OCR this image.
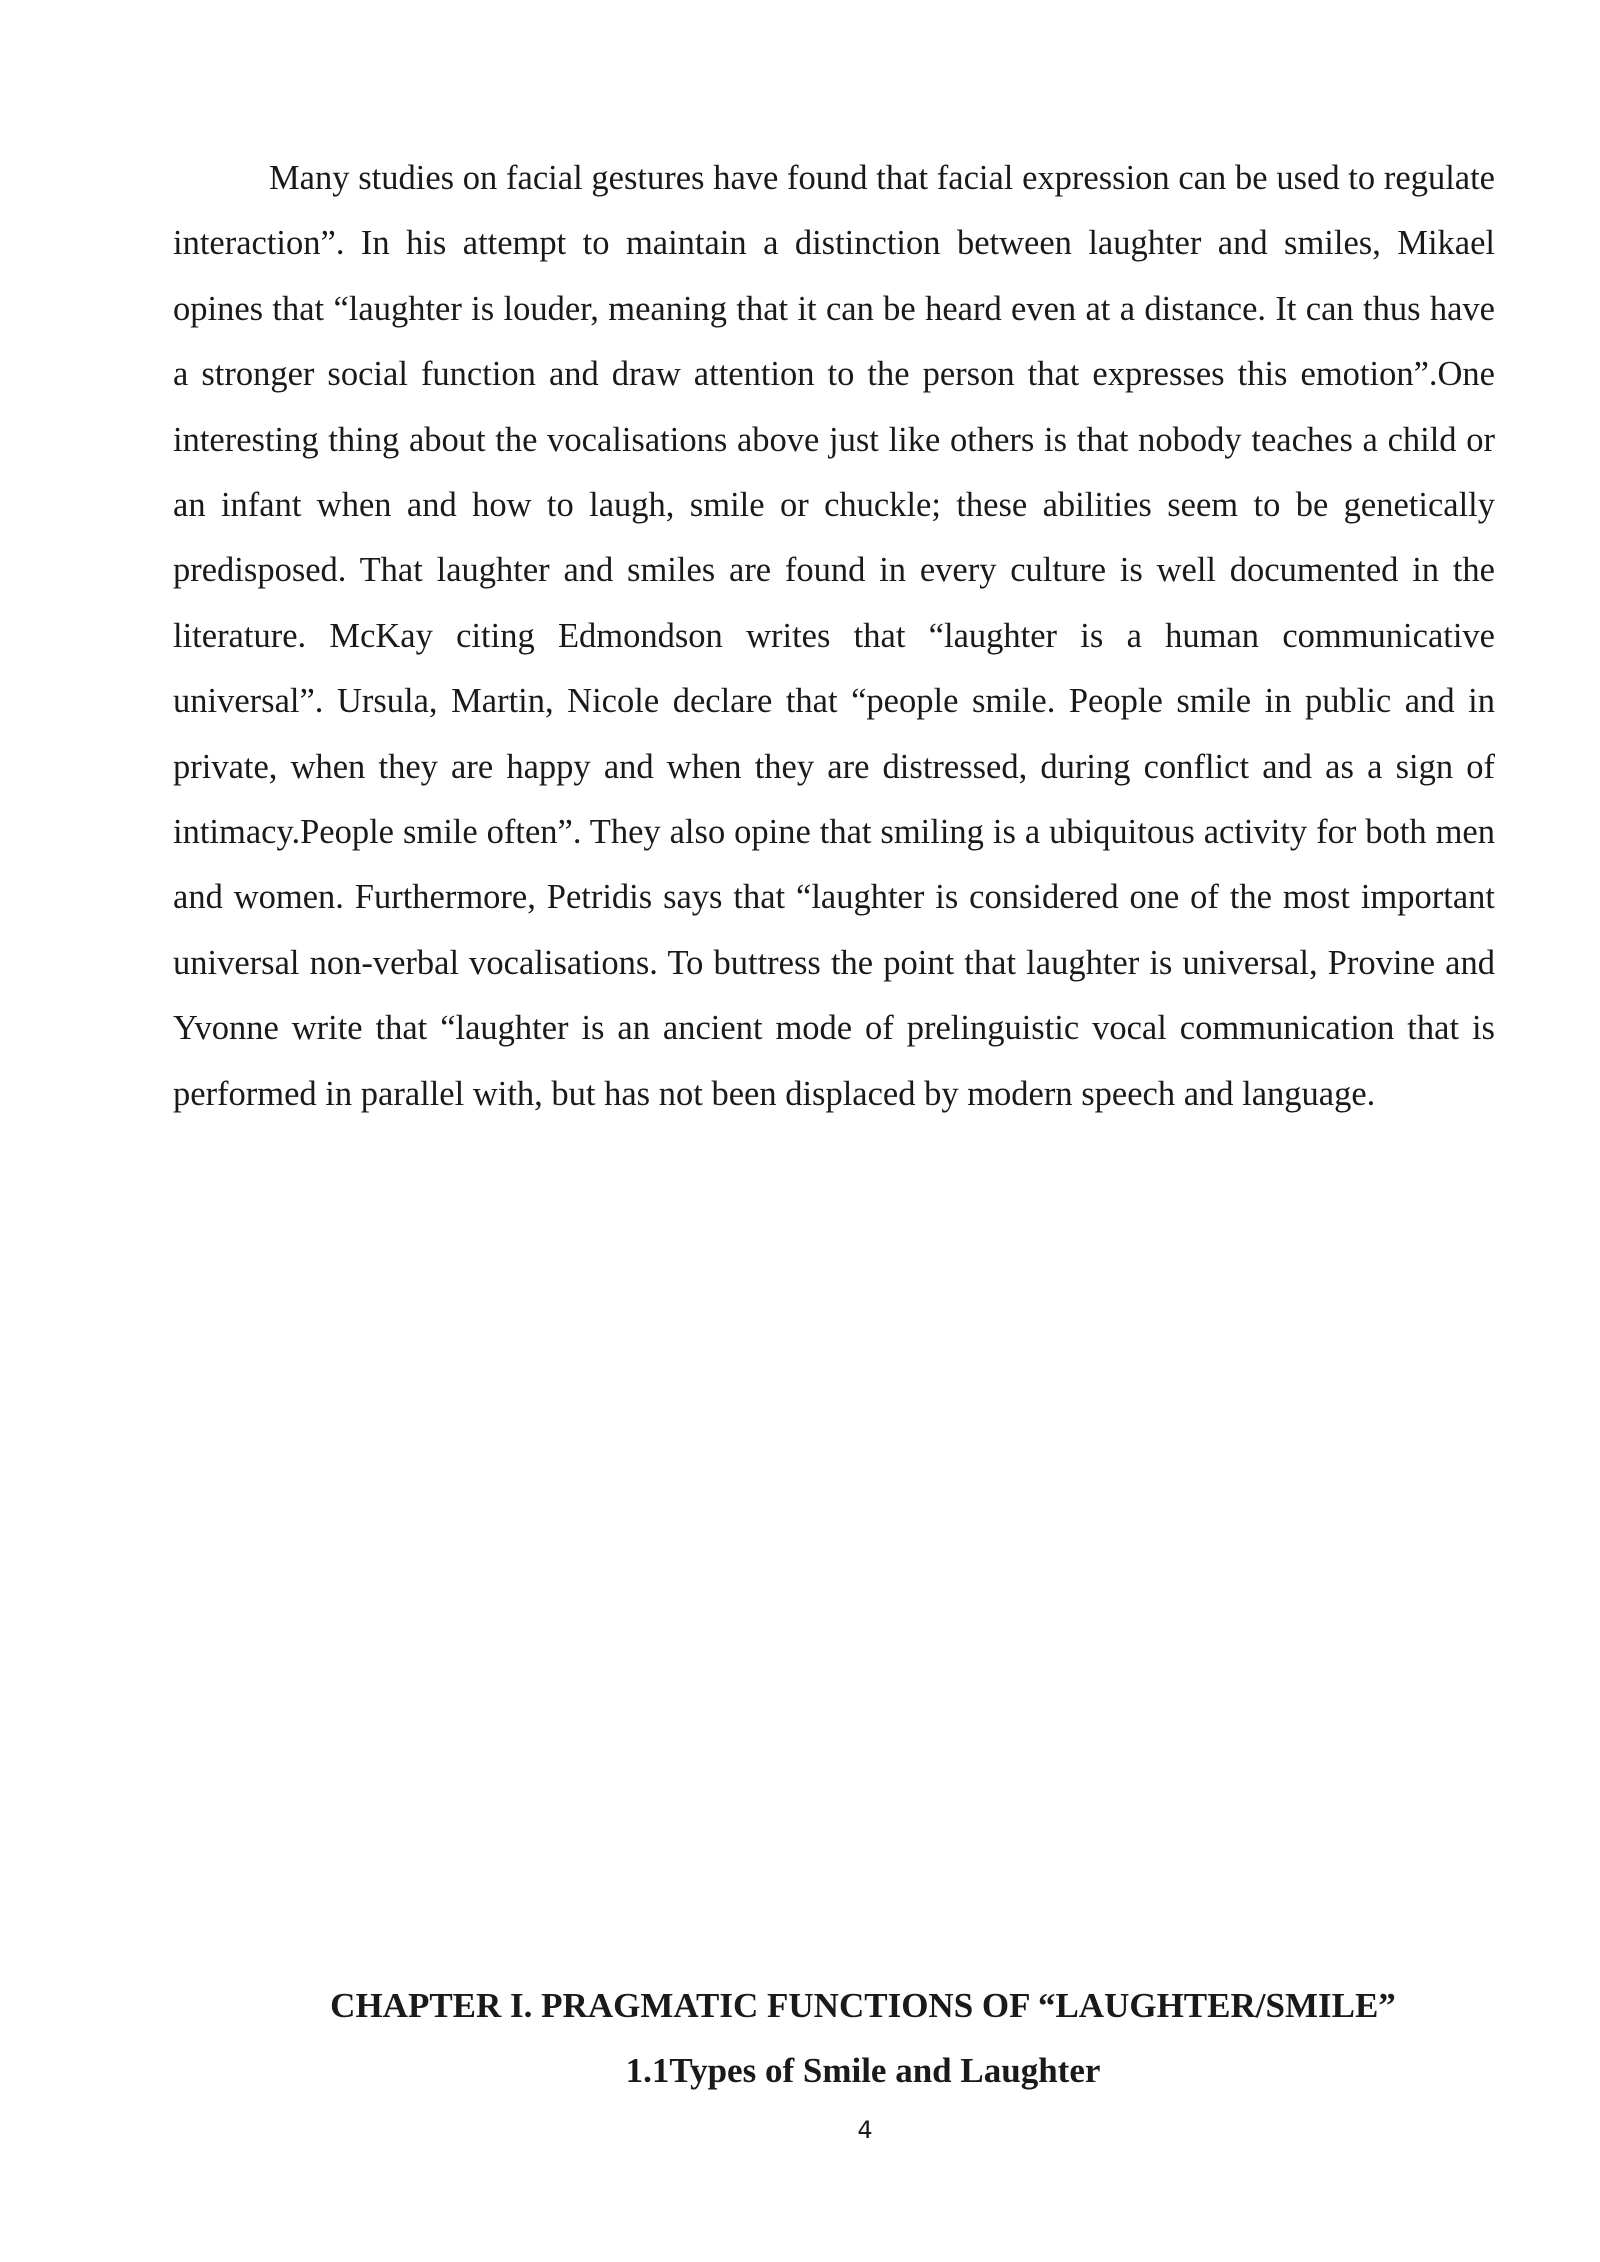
Many studies on facial gestures have found that facial expression can be used to regulate interaction”. In his attempt to maintain a distinction between laughter and smiles, Mikael opines that “laughter is louder, meaning that it can be heard even at a distance. It can thus have a stronger social function and draw attention to the person that expresses this emotion”.One interesting thing about the vocalisations above just like others is that nobody teaches a child or an infant when and how to laugh, smile or chuckle; these abilities seem to be genetically predisposed. That laughter and smiles are found in every culture is well documented in the literature. McKay citing Edmondson writes that “laughter is a human communicative universal”. Ursula, Martin, Nicole declare that “people smile. People smile in public and in private, when they are happy and when they are distressed, during conflict and as a sign of intimacy.People smile often”. They also opine that smiling is a ubiquitous activity for both men and women. Furthermore, Petridis says that “laughter is considered one of the most important universal non-verbal vocalisations. To buttress the point that laughter is universal, Provine and Yvonne write that “laughter is an ancient mode of prelinguistic vocal communication that is performed in parallel with, but has not been displaced by modern speech and language.

CHAPTER I. PRAGMATIC FUNCTIONS OF “LAUGHTER/SMILE”
1.1Types of Smile and Laughter
4
